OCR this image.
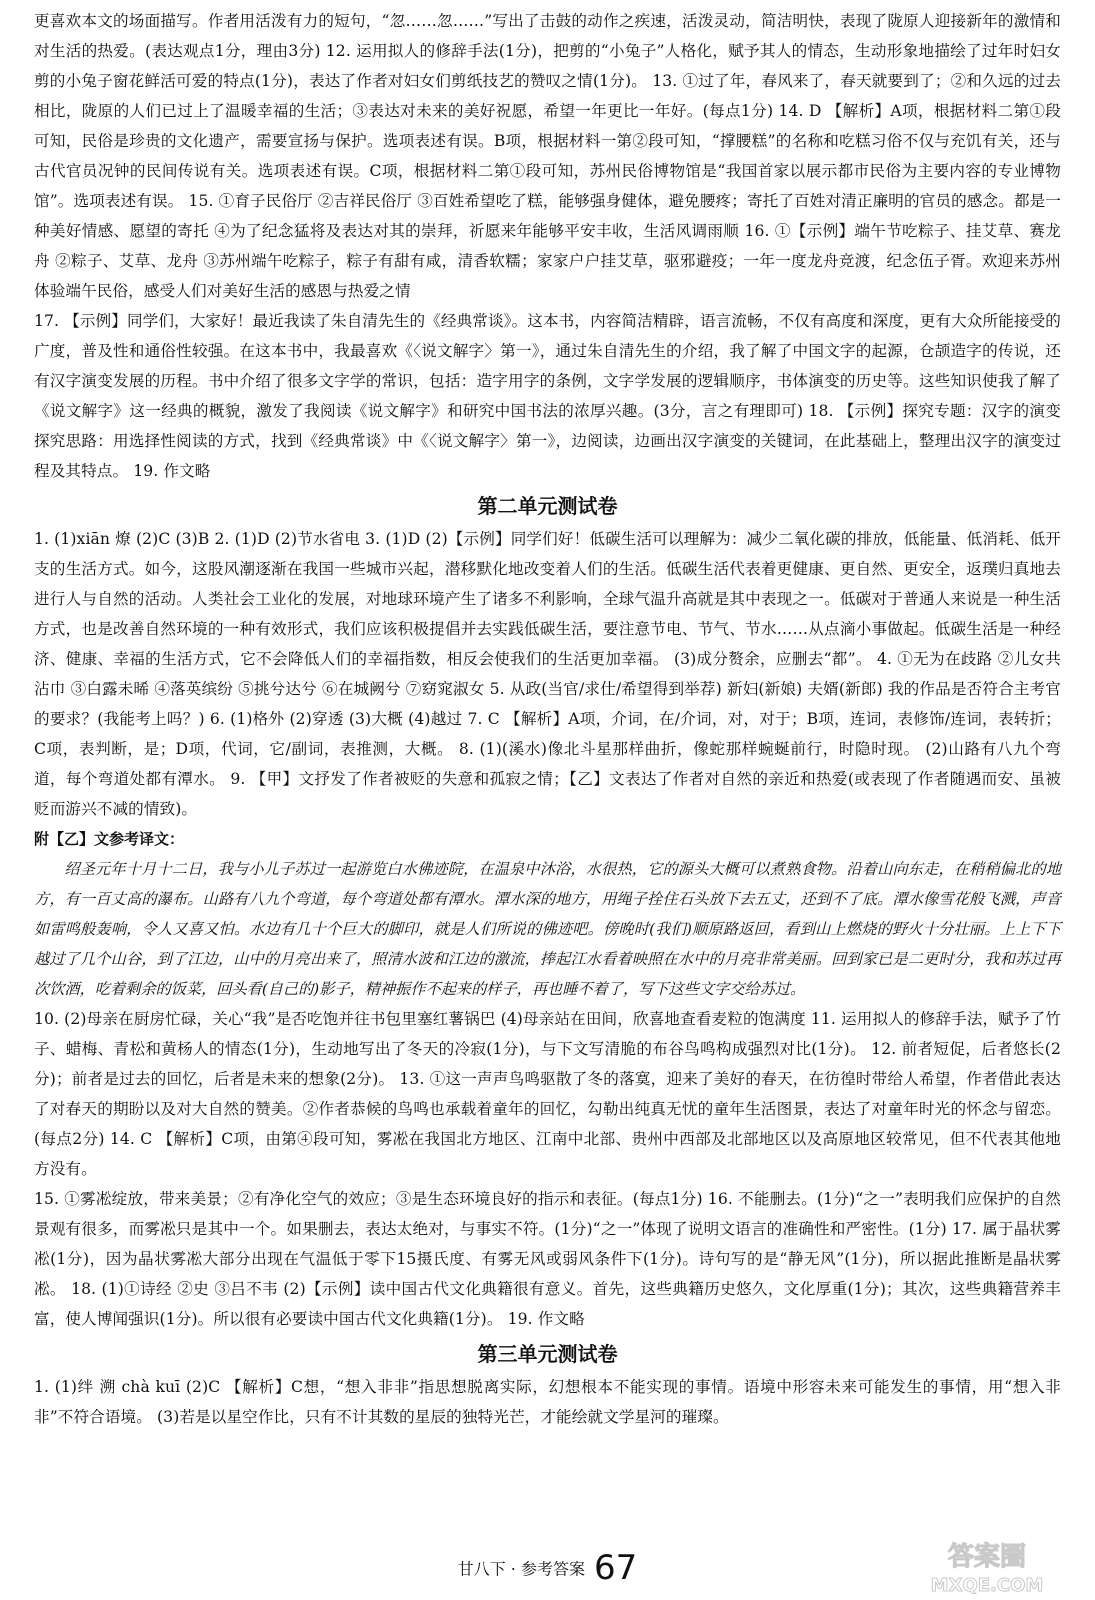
更喜欢本文的场面描写。作者用活泼有力的短句，“忽……忽……”写出了击鼓的动作之疾速，活泼灵动，简洁明快，表现了陇原人迎接新年的激情和对生活的热爱。(表达观点1分，理由3分) 12. 运用拟人的修辞手法(1分)，把剪的“小兔子”人格化，赋予其人的情态，生动形象地描绘了过年时妇女剪的小兔子窗花鲜活可爱的特点(1分)，表达了作者对妇女们剪纸技艺的赞叹之情(1分)。 13. ①过了年，春风来了，春天就要到了；②和久远的过去相比，陇原的人们已过上了温暖幸福的生活；③表达对未来的美好祝愿，希望一年更比一年好。(每点1分) 14. D 【解析】A项，根据材料二第①段可知，民俗是珍贵的文化遗产，需要宣扬与保护。选项表述有误。B项，根据材料一第②段可知，“撑腰糕”的名称和吃糕习俗不仅与充饥有关，还与古代官员况钟的民间传说有关。选项表述有误。C项，根据材料二第①段可知，苏州民俗博物馆是“我国首家以展示都市民俗为主要内容的专业博物馆”。选项表述有误。 15. ①育子民俗厅 ②吉祥民俗厅 ③百姓希望吃了糕，能够强身健体，避免腰疼；寄托了百姓对清正廉明的官员的感念。都是一种美好情感、愿望的寄托 ④为了纪念猛将及表达对其的崇拜，祈愿来年能够平安丰收，生活风调雨顺 16. ①【示例】端午节吃粽子、挂艾草、赛龙舟 ②粽子、艾草、龙舟 ③苏州端午吃粽子，粽子有甜有咸，清香软糯；家家户户挂艾草，驱邪避疫；一年一度龙舟竞渡，纪念伍子胥。欢迎来苏州体验端午民俗，感受人们对美好生活的感恩与热爱之情

17. 【示例】同学们，大家好！最近我读了朱自清先生的《经典常谈》。这本书，内容简洁精辟，语言流畅，不仅有高度和深度，更有大众所能接受的广度，普及性和通俗性较强。在这本书中，我最喜欢《〈说文解字〉第一》，通过朱自清先生的介绍，我了解了中国文字的起源，仓颉造字的传说，还有汉字演变发展的历程。书中介绍了很多文字学的常识，包括：造字用字的条例，文字学发展的逻辑顺序，书体演变的历史等。这些知识使我了解了《说文解字》这一经典的概貌，激发了我阅读《说文解字》和研究中国书法的浓厚兴趣。(3分，言之有理即可) 18. 【示例】探究专题：汉字的演变 探究思路：用选择性阅读的方式，找到《经典常谈》中《〈说文解字〉第一》，边阅读，边画出汉字演变的关键词，在此基础上，整理出汉字的演变过程及其特点。 19. 作文略

第二单元测试卷

1. (1)xiān 燎 (2)C (3)B 2. (1)D (2)节水省电 3. (1)D (2)【示例】同学们好！低碳生活可以理解为：减少二氧化碳的排放，低能量、低消耗、低开支的生活方式。如今，这股风潮逐渐在我国一些城市兴起，潜移默化地改变着人们的生活。低碳生活代表着更健康、更自然、更安全，返璞归真地去进行人与自然的活动。人类社会工业化的发展，对地球环境产生了诸多不利影响，全球气温升高就是其中表现之一。低碳对于普通人来说是一种生活方式，也是改善自然环境的一种有效形式，我们应该积极提倡并去实践低碳生活，要注意节电、节气、节水……从点滴小事做起。低碳生活是一种经济、健康、幸福的生活方式，它不会降低人们的幸福指数，相反会使我们的生活更加幸福。 (3)成分赘余，应删去“都”。 4. ①无为在歧路 ②儿女共沾巾 ③白露未晞 ④落英缤纷 ⑤挑兮达兮 ⑥在城阙兮 ⑦窈窕淑女 5. 从政(当官/求仕/希望得到举荐) 新妇(新娘) 夫婿(新郎) 我的作品是否符合主考官的要求？(我能考上吗？) 6. (1)格外 (2)穿透 (3)大概 (4)越过 7. C 【解析】A项，介词，在/介词，对，对于；B项，连词，表修饰/连词，表转折；C项，表判断，是；D项，代词，它/副词，表推测，大概。 8. (1)(溪水)像北斗星那样曲折，像蛇那样蜿蜒前行，时隐时现。 (2)山路有八九个弯道，每个弯道处都有潭水。 9. 【甲】文抒发了作者被贬的失意和孤寂之情；【乙】文表达了作者对自然的亲近和热爱(或表现了作者随遇而安、虽被贬而游兴不减的情致)。

附【乙】文参考译文：

绍圣元年十月十二日，我与小儿子苏过一起游览白水佛迹院，在温泉中沐浴，水很热，它的源头大概可以煮熟食物。沿着山向东走，在稍稍偏北的地方，有一百丈高的瀑布。山路有八九个弯道，每个弯道处都有潭水。潭水深的地方，用绳子拴住石头放下去五丈，还到不了底。潭水像雪花般飞溅，声音如雷鸣般轰响，令人又喜又怕。水边有几十个巨大的脚印，就是人们所说的佛迹吧。傍晚时(我们)顺原路返回，看到山上燃烧的野火十分壮丽。上上下下越过了几个山谷，到了江边，山中的月亮出来了，照清水波和江边的激流，捧起江水看着映照在水中的月亮非常美丽。回到家已是二更时分，我和苏过再次饮酒，吃着剩余的饭菜，回头看(自己的)影子，精神振作不起来的样子，再也睡不着了，写下这些文字交给苏过。

10. (2)母亲在厨房忙碌，关心“我”是否吃饱并往书包里塞红薯锅巴 (4)母亲站在田间，欣喜地查看麦粒的饱满度 11. 运用拟人的修辞手法，赋予了竹子、蜡梅、青松和黄杨人的情态(1分)，生动地写出了冬天的冷寂(1分)，与下文写清脆的布谷鸟鸣构成强烈对比(1分)。 12. 前者短促，后者悠长(2分)；前者是过去的回忆，后者是未来的想象(2分)。 13. ①这一声声鸟鸣驱散了冬的落寞，迎来了美好的春天，在彷徨时带给人希望，作者借此表达了对春天的期盼以及对大自然的赞美。②作者恭候的鸟鸣也承载着童年的回忆，勾勒出纯真无忧的童年生活图景，表达了对童年时光的怀念与留恋。(每点2分) 14. C 【解析】C项，由第④段可知，雾凇在我国北方地区、江南中北部、贵州中西部及北部地区以及高原地区较常见，但不代表其他地方没有。

15. ①雾凇绽放，带来美景；②有净化空气的效应；③是生态环境良好的指示和表征。(每点1分) 16. 不能删去。(1分)“之一”表明我们应保护的自然景观有很多，而雾凇只是其中一个。如果删去，表达太绝对，与事实不符。(1分)“之一”体现了说明文语言的准确性和严密性。(1分) 17. 属于晶状雾凇(1分)，因为晶状雾凇大部分出现在气温低于零下15摄氏度、有雾无风或弱风条件下(1分)。诗句写的是“静无风”(1分)，所以据此推断是晶状雾凇。 18. (1)①诗经 ②史 ③吕不韦 (2)【示例】读中国古代文化典籍很有意义。首先，这些典籍历史悠久，文化厚重(1分)；其次，这些典籍营养丰富，使人博闻强识(1分)。所以很有必要读中国古代文化典籍(1分)。 19. 作文略

第三单元测试卷

1. (1)绊 溯 chà kuī (2)C 【解析】C想，“想入非非”指思想脱离实际，幻想根本不能实现的事情。语境中形容未来可能发生的事情，用“想入非非”不符合语境。 (3)若是以星空作比，只有不计其数的星辰的独特光芒，才能绘就文学星河的璀璨。

甘八下 · 参考答案 67	答案圈
MXQE.COM
